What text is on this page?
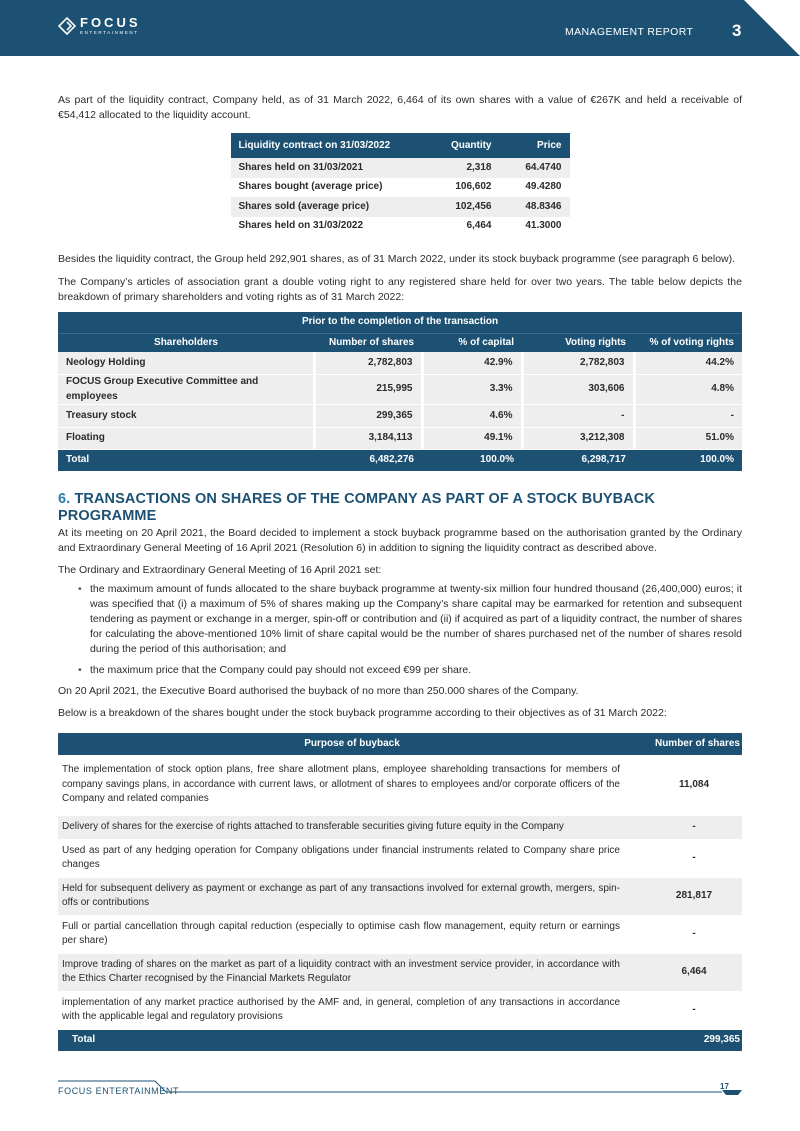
FOCUS
ENTERTAINMENT	MANAGEMENT REPORT 3

As part of the liquidity contract, Company held, as of 31 March 2022, 6,464 of its own shares with a value of €267K and held a receivable of €54,412 allocated to the liquidity account.

Liquidity contract on 31/03/2022	Quantity	Price
Shares held on 31/03/2021	2,318	64.4740
Shares bought (average price)	106,602	49.4280
Shares sold (average price)	102,456	48.8346
Shares held on 31/03/2022	6,464	41.3000

Besides the liquidity contract, the Group held 292,901 shares, as of 31 March 2022, under its stock buyback programme (see paragraph 6 below).

The Company’s articles of association grant a double voting right to any registered share held for over two years. The table below depicts the breakdown of primary shareholders and voting rights as of 31 March 2022:

Prior to the completion of the transaction				
Shareholders	Number of shares	% of capital	Voting rights	% of voting rights
Neology Holding	2,782,803	42.9%	2,782,803	44.2%
FOCUS Group Executive Committee and employees	215,995	3.3%	303,606	4.8%
Treasury stock	299,365	4.6%	-	-
Floating	3,184,113	49.1%	3,212,308	51.0%
Total	6,482,276	100.0%	6,298,717	100.0%
6. TRANSACTIONS ON SHARES OF THE COMPANY AS PART OF A STOCK BUYBACK PROGRAMME

At its meeting on 20 April 2021, the Board decided to implement a stock buyback programme based on the authorisation granted by the Ordinary and Extraordinary General Meeting of 16 April 2021 (Resolution 6) in addition to signing the liquidity contract as described above.

The Ordinary and Extraordinary General Meeting of 16 April 2021 set:

• the maximum amount of funds allocated to the share buyback programme at twenty-six million four hundred thousand (26,400,000) euros; it was specified that (i) a maximum of 5% of shares making up the Company’s share capital may be earmarked for retention and subsequent tendering as payment or exchange in a merger, spin-off or contribution and (ii) if acquired as part of a liquidity contract, the number of shares for calculating the above-mentioned 10% limit of share capital would be the number of shares purchased net of the number of shares resold during the period of this authorisation; and
• the maximum price that the Company could pay should not exceed €99 per share.

On 20 April 2021, the Executive Board authorised the buyback of no more than 250.000 shares of the Company.

Below is a breakdown of the shares bought under the stock buyback programme according to their objectives as of 31 March 2022:

Purpose of buyback	Number of shares
The implementation of stock option plans, free share allotment plans, employee shareholding transactions for members of company savings plans, in accordance with current laws, or allotment of shares to employees and/or corporate officers of the Company and related companies	11,084
Delivery of shares for the exercise of rights attached to transferable securities giving future equity in the Company	-
Used as part of any hedging operation for Company obligations under financial instruments related to Company share price changes	-
Held for subsequent delivery as payment or exchange as part of any transactions involved for external growth, mergers, spin-offs or contributions	281,817
Full or partial cancellation through capital reduction (especially to optimise cash flow management, equity return or earnings per share)	-
Improve trading of shares on the market as part of a liquidity contract with an investment service provider, in accordance with the Ethics Charter recognised by the Financial Markets Regulator	6,464
implementation of any market practice authorised by the AMF and, in general, completion of any transactions in accordance with the applicable legal and regulatory provisions	-
Total	299,365
FOCUS ENTERTAINMENT	17
